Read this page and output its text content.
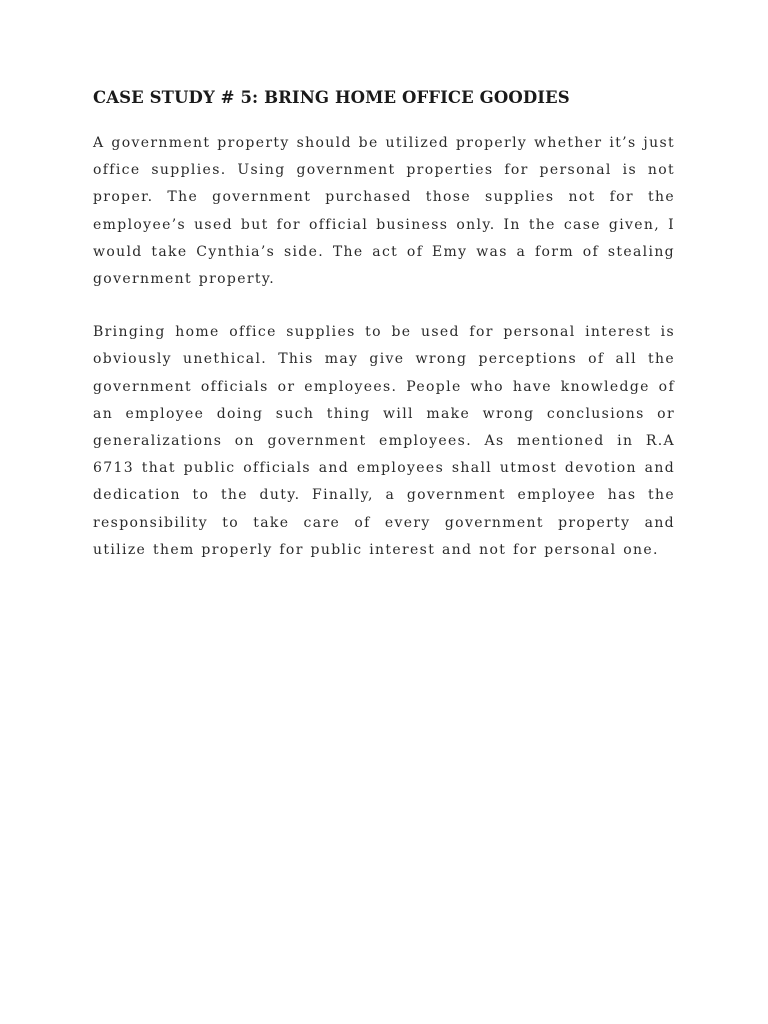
CASE STUDY # 5: BRING HOME OFFICE GOODIES

A government property should be utilized properly whether it’s just office supplies. Using government properties for personal is not proper. The government purchased those supplies not for the employee’s used but for official business only. In the case given, I would take Cynthia’s side. The act of Emy was a form of stealing government property.

Bringing home office supplies to be used for personal interest is obviously unethical. This may give wrong perceptions of all the government officials or employees. People who have knowledge of an employee doing such thing will make wrong conclusions or generalizations on government employees. As mentioned in R.A 6713 that public officials and employees shall utmost devotion and dedication to the duty. Finally, a government employee has the responsibility to take care of every government property and utilize them properly for public interest and not for personal one.
